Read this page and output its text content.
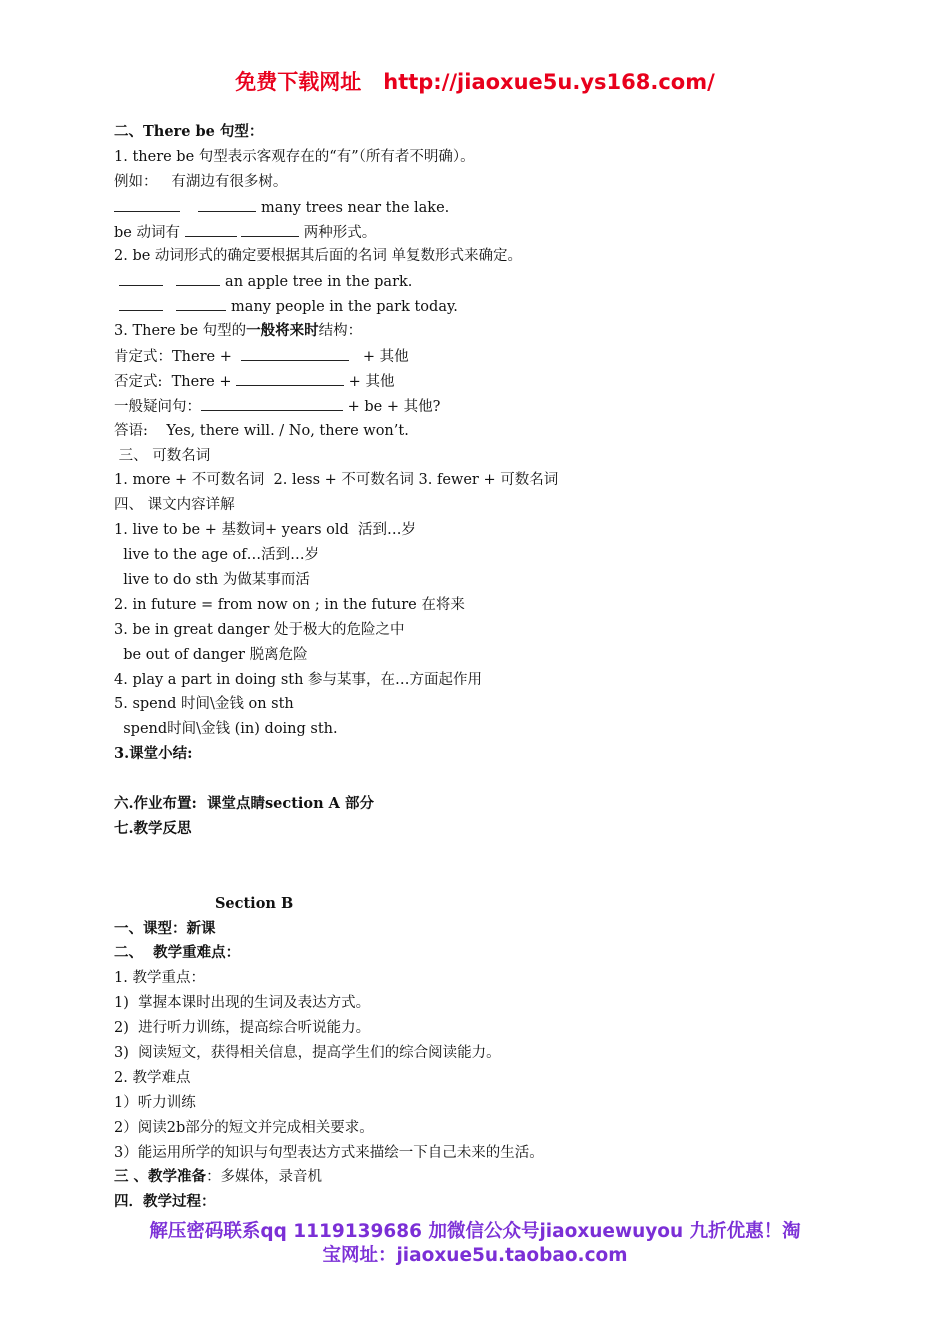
免费下载网址 http://jiaoxue5u.ys168.com/
二、There be 句型：
1. there be 句型表示客观存在的“有”（所有者不明确）。
例如：   有湖边有很多树。
many trees near the lake.
be 动词有	两种形式。
2. be 动词形式的确定要根据其后面的名词 单复数形式来确定。
an apple tree in the park.
many people in the park today.
3. There be 句型的一般将来时结构：
肯定式：There +	+ 其他
否定式:  There +	+ 其他
一般疑问句：	+ be + 其他?
答语:    Yes, there will. / No, there won’t.
三、 可数名词
1. more + 不可数名词  2. less + 不可数名词 3. fewer + 可数名词
四、 课文内容详解
1. live to be + 基数词+ years old  活到…岁
live to the age of…活到…岁
live to do sth 为做某事而活
2. in future = from now on ; in the future 在将来
3. be in great danger 处于极大的危险之中
be out of danger 脱离危险
4. play a part in doing sth 参与某事，在…方面起作用
5. spend 时间\金钱 on sth
spend时间\金钱 (in) doing sth.
3.课堂小结:
六.作业布置:  课堂点睛section A 部分
七.教学反思
Section B
一、课型：新课
二、  教学重难点：
1. 教学重点：
1)  掌握本课时出现的生词及表达方式。
2)  进行听力训练，提高综合听说能力。
3)  阅读短文，获得相关信息，提高学生们的综合阅读能力。
2. 教学难点
1）听力训练
2）阅读2b部分的短文并完成相关要求。
3）能运用所学的知识与句型表达方式来描绘一下自己未来的生活。
三 、教学准备：多媒体，录音机
四．教学过程：
解压密码联系qq 1119139686 加微信公众号jiaoxuewuyou 九折优惠！淘
宝网址：jiaoxue5u.taobao.com
